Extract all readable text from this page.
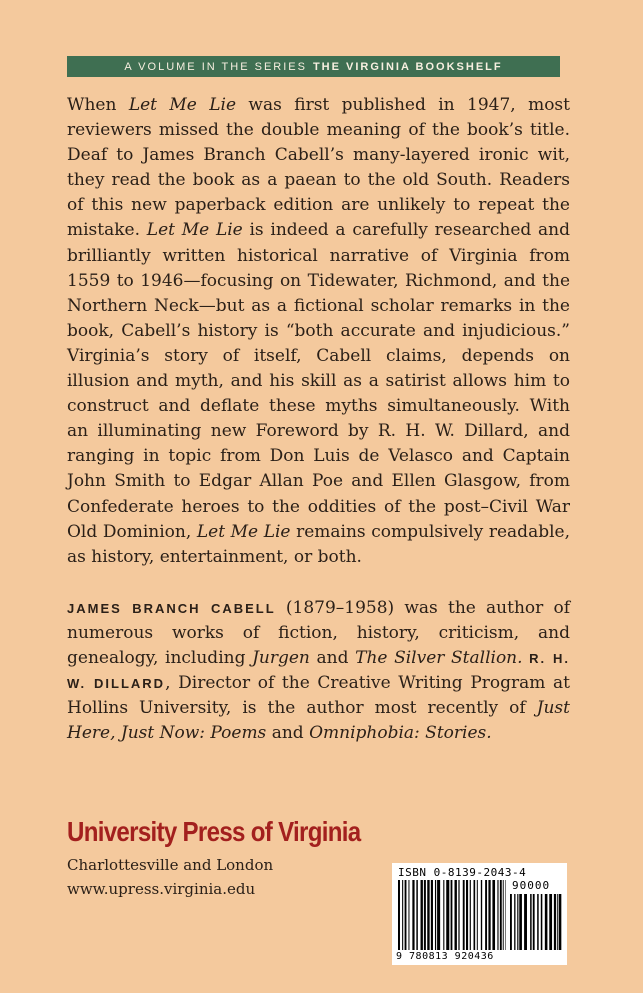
A VOLUME IN THE SERIES THE VIRGINIA BOOKSHELF

When Let Me Lie was first published in 1947, most reviewers missed the double meaning of the book’s title. Deaf to James Branch Cabell’s many-layered ironic wit, they read the book as a paean to the old South. Readers of this new paperback edition are unlikely to repeat the mistake. Let Me Lie is indeed a carefully researched and brilliantly written historical narrative of Virginia from 1559 to 1946—focusing on Tidewater, Richmond, and the Northern Neck—but as a fictional scholar remarks in the book, Cabell’s history is “both accurate and injudicious.” Virginia’s story of itself, Cabell claims, depends on illusion and myth, and his skill as a satirist allows him to construct and deflate these myths simultaneously. With an illuminating new Foreword by R. H. W. Dillard, and ranging in topic from Don Luis de Velasco and Captain John Smith to Edgar Allan Poe and Ellen Glasgow, from Confederate heroes to the oddities of the post–Civil War Old Dominion, Let Me Lie remains compulsively readable, as history, entertainment, or both.

JAMES BRANCH CABELL (1879–1958) was the author of numerous works of fiction, history, criticism, and genealogy, including Jurgen and The Silver Stallion. R. H. W. DILLARD, Director of the Creative Writing Program at Hollins University, is the author most recently of Just Here, Just Now: Poems and Omniphobia: Stories.

University Press of Virginia
Charlottesville and London
www.upress.virginia.edu
ISBN 0-8139-2043-4
90000
9 780813 920436
